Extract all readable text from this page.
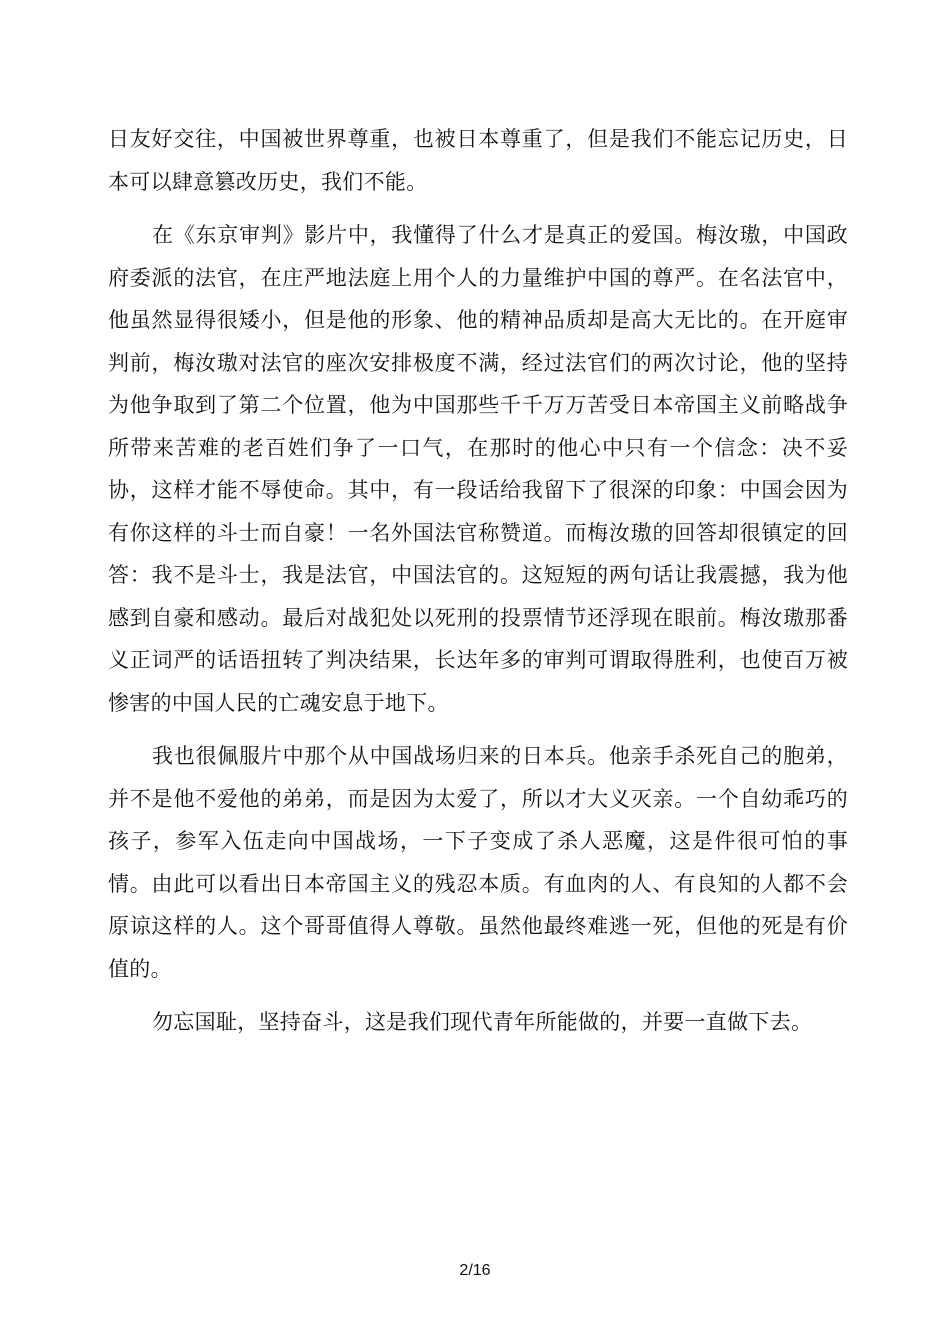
日友好交往，中国被世界尊重，也被日本尊重了，但是我们不能忘记历史，日本可以肆意篡改历史，我们不能。

在《东京审判》影片中，我懂得了什么才是真正的爱国。梅汝璈，中国政府委派的法官，在庄严地法庭上用个人的力量维护中国的尊严。在名法官中，他虽然显得很矮小，但是他的形象、他的精神品质却是高大无比的。在开庭审判前，梅汝璈对法官的座次安排极度不满，经过法官们的两次讨论，他的坚持为他争取到了第二个位置，他为中国那些千千万万苦受日本帝国主义前略战争所带来苦难的老百姓们争了一口气，在那时的他心中只有一个信念：决不妥协，这样才能不辱使命。其中，有一段话给我留下了很深的印象：中国会因为有你这样的斗士而自豪！一名外国法官称赞道。而梅汝璈的回答却很镇定的回答：我不是斗士，我是法官，中国法官的。这短短的两句话让我震撼，我为他感到自豪和感动。最后对战犯处以死刑的投票情节还浮现在眼前。梅汝璈那番义正词严的话语扭转了判决结果，长达年多的审判可谓取得胜利，也使百万被惨害的中国人民的亡魂安息于地下。

我也很佩服片中那个从中国战场归来的日本兵。他亲手杀死自己的胞弟，并不是他不爱他的弟弟，而是因为太爱了，所以才大义灭亲。一个自幼乖巧的孩子，参军入伍走向中国战场，一下子变成了杀人恶魔，这是件很可怕的事情。由此可以看出日本帝国主义的残忍本质。有血肉的人、有良知的人都不会原谅这样的人。这个哥哥值得人尊敬。虽然他最终难逃一死，但他的死是有价值的。

勿忘国耻，坚持奋斗，这是我们现代青年所能做的，并要一直做下去。

2/16
